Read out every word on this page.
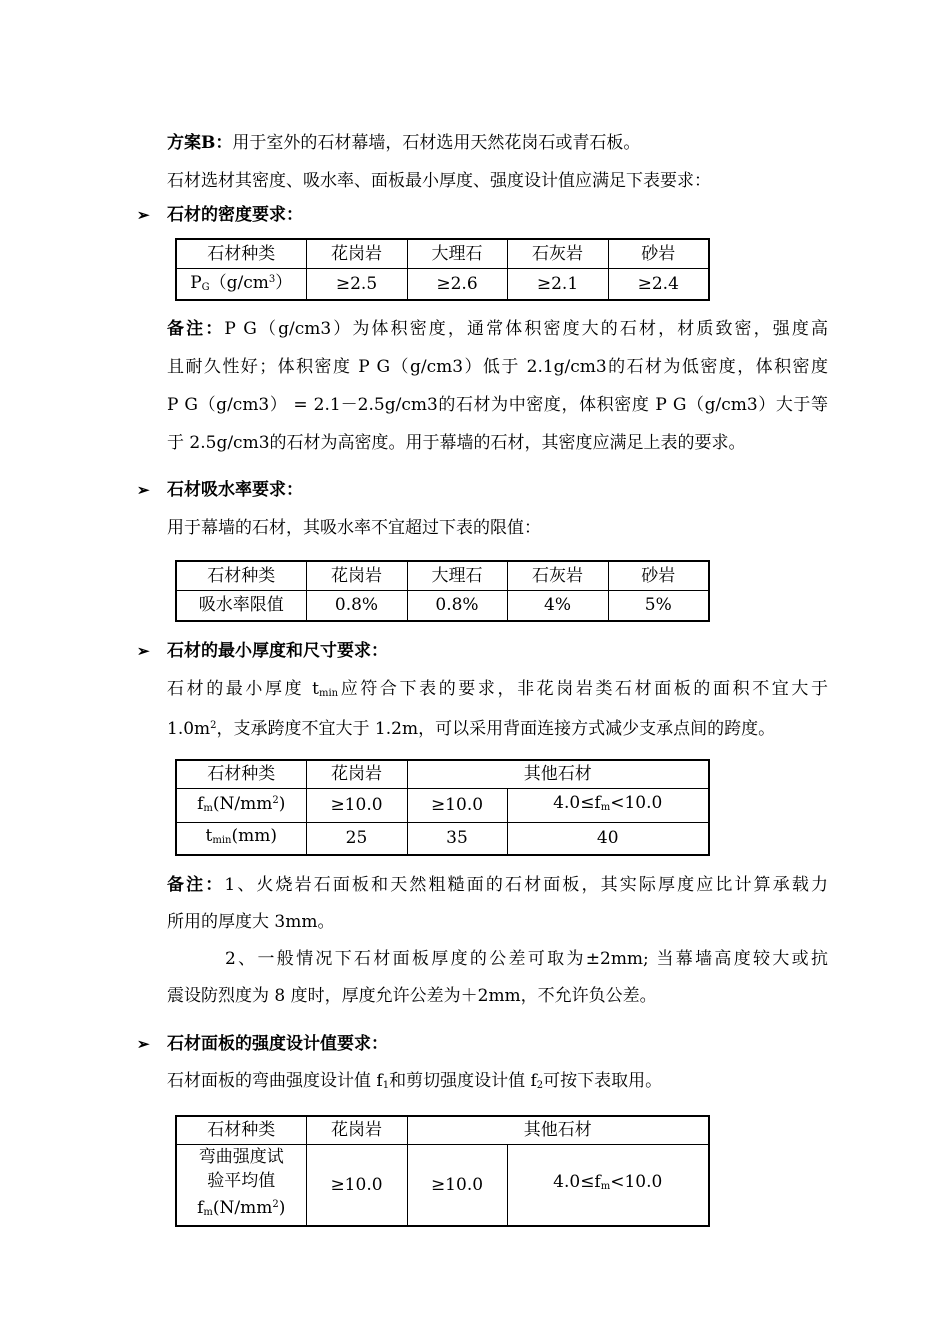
方案B：用于室外的石材幕墙，石材选用天然花岗石或青石板。
石材选材其密度、吸水率、面板最小厚度、强度设计值应满足下表要求：
➢ 石材的密度要求：
石材种类	花岗岩	大理石	石灰岩	砂岩
$P_G(g/cm^3)$	≥2.5	≥2.6	≥2.1	≥2.4
备注：P G（g/cm3）为体积密度，通常体积密度大的石材，材质致密，强度高
且耐久性好；体积密度 P G（g/cm3）低于 2.1g/cm3的石材为低密度，体积密度
P G（g/cm3） = 2.1－2.5g/cm3的石材为中密度，体积密度 P G（g/cm3）大于等
于 2.5g/cm3的石材为高密度。用于幕墙的石材，其密度应满足上表的要求。
➢ 石材吸水率要求：
用于幕墙的石材，其吸水率不宜超过下表的限值：
石材种类	花岗岩	大理石	石灰岩	砂岩
吸水率限值	0.8%	0.8%	4%	5%
➢ 石材的最小厚度和尺寸要求：
石材的最小厚度 $t_{min}$应符合下表的要求，非花岗岩类石材面板的面积不宜大于
$1.0m^2$，支承跨度不宜大于 1.2m，可以采用背面连接方式减少支承点间的跨度。
石材种类	花岗岩	其他石材	
$f_m(N/mm^2)$	≥10.0	≥10.0	$4.0\le f_m<10.0$
$t_{min}(mm)$	25	35	40
备注：1、火烧岩石面板和天然粗糙面的石材面板，其实际厚度应比计算承载力
所用的厚度大 3mm。
2、一般情况下石材面板厚度的公差可取为±2mm; 当幕墙高度较大或抗
震设防烈度为 8 度时，厚度允许公差为＋2mm，不允许负公差。
➢ 石材面板的强度设计值要求：
石材面板的弯曲强度设计值 $f_1$和剪切强度设计值 $f_2$可按下表取用。
石材种类	花岗岩	其他石材	

弯曲强度试
验平均值
$f_m(N/mm^2)$	≥10.0	≥10.0	$4.0\le f_m<10.0$
